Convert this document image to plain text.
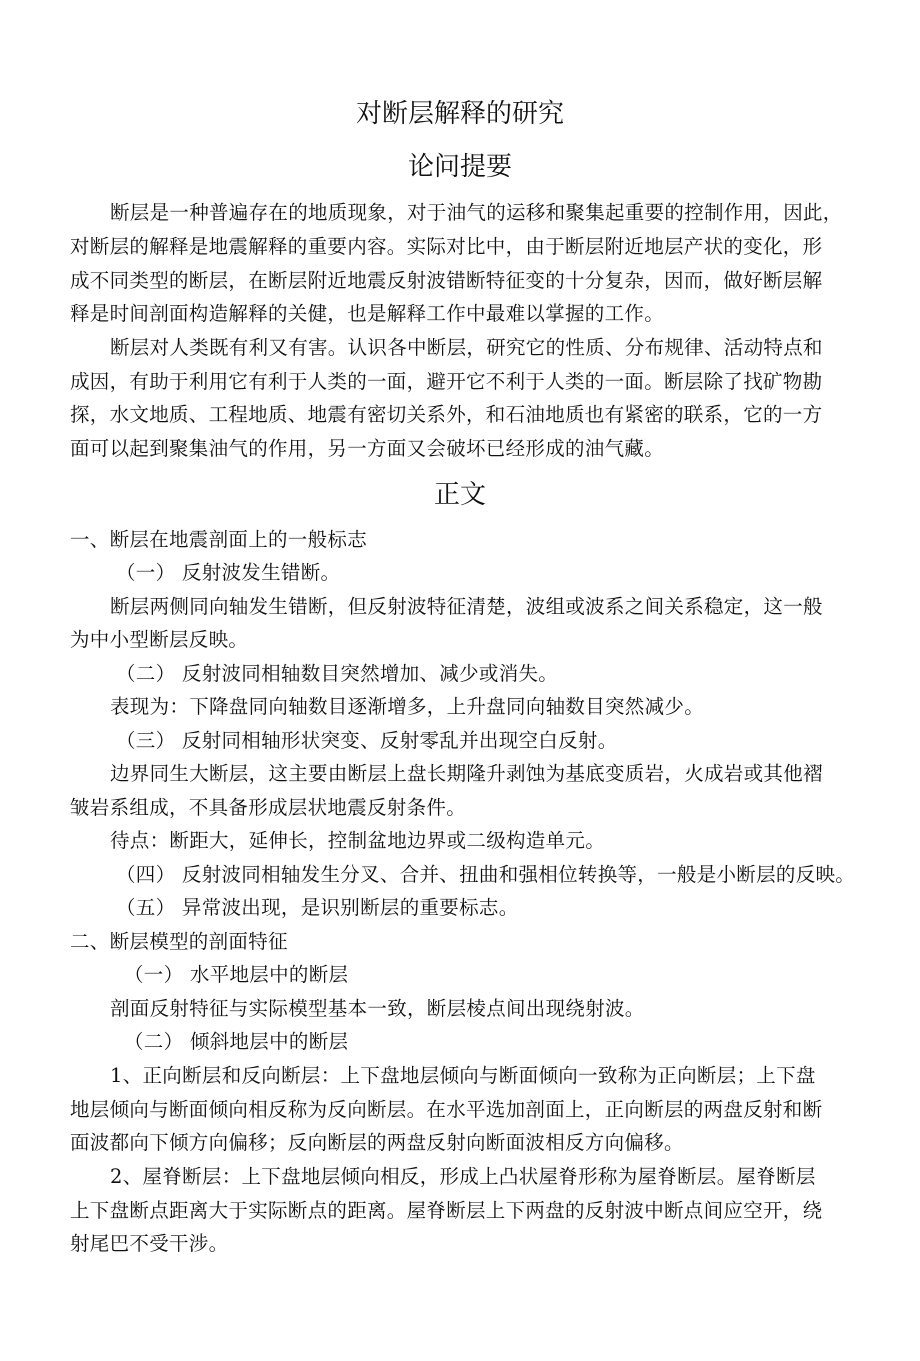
对断层解释的研究
论问提要
断层是一种普遍存在的地质现象，对于油气的运移和聚集起重要的控制作用，因此，
对断层的解释是地震解释的重要内容。实际对比中，由于断层附近地层产状的变化，形
成不同类型的断层，在断层附近地震反射波错断特征变的十分复杂，因而，做好断层解
释是时间剖面构造解释的关健，也是解释工作中最难以掌握的工作。
断层对人类既有利又有害。认识各中断层，研究它的性质、分布规律、活动特点和
成因，有助于利用它有利于人类的一面，避开它不利于人类的一面。断层除了找矿物勘
探，水文地质、工程地质、地震有密切关系外，和石油地质也有紧密的联系，它的一方
面可以起到聚集油气的作用，另一方面又会破坏已经形成的油气藏。
正文
一、断层在地震剖面上的一般标志
（一） 反射波发生错断。
断层两侧同向轴发生错断，但反射波特征清楚，波组或波系之间关系稳定，这一般
为中小型断层反映。
（二） 反射波同相轴数目突然增加、减少或消失。
表现为：下降盘同向轴数目逐渐增多，上升盘同向轴数目突然减少。
（三） 反射同相轴形状突变、反射零乱并出现空白反射。
边界同生大断层，这主要由断层上盘长期隆升剥蚀为基底变质岩，火成岩或其他褶
皱岩系组成，不具备形成层状地震反射条件。
待点：断距大，延伸长，控制盆地边界或二级构造单元。
（四） 反射波同相轴发生分叉、合并、扭曲和强相位转换等，一般是小断层的反映。
（五） 异常波出现，是识别断层的重要标志。
二、断层模型的剖面特征
（一） 水平地层中的断层
剖面反射特征与实际模型基本一致，断层棱点间出现绕射波。
（二） 倾斜地层中的断层
1、正向断层和反向断层：上下盘地层倾向与断面倾向一致称为正向断层；上下盘
地层倾向与断面倾向相反称为反向断层。在水平选加剖面上，正向断层的两盘反射和断
面波都向下倾方向偏移；反向断层的两盘反射向断面波相反方向偏移。
2、屋脊断层：上下盘地层倾向相反，形成上凸状屋脊形称为屋脊断层。屋脊断层
上下盘断点距离大于实际断点的距离。屋脊断层上下两盘的反射波中断点间应空开，绕
射尾巴不受干涉。
